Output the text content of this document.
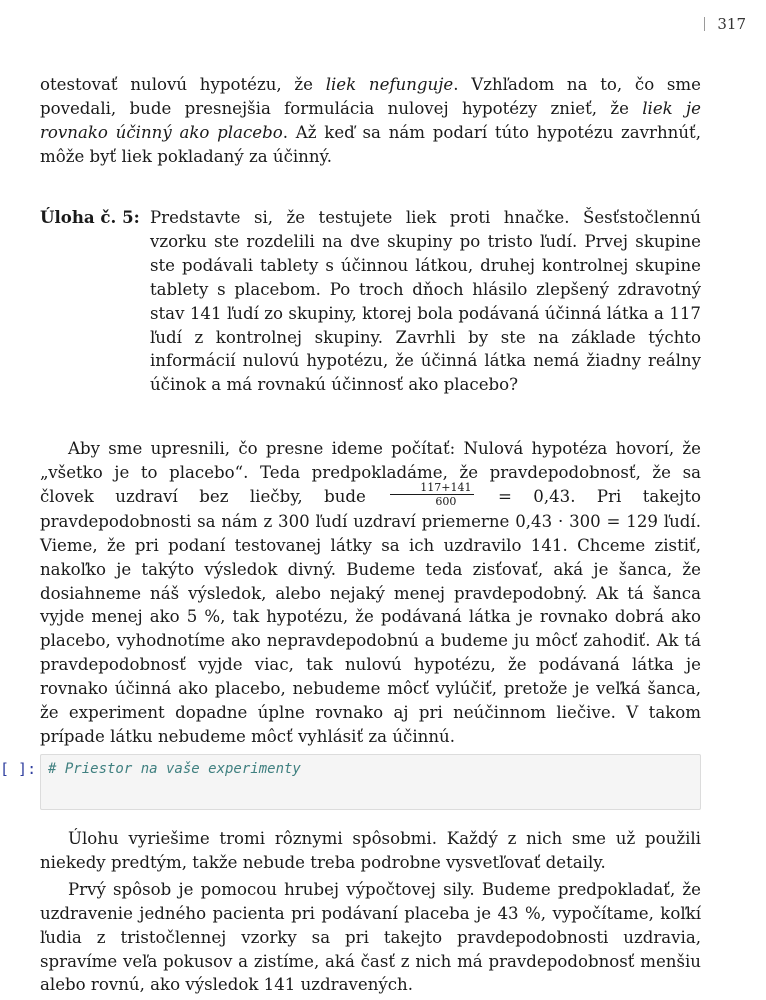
317

otestovať nulovú hypotézu, že liek nefunguje. Vzhľadom na to, čo sme povedali, bude presnejšia formulácia nulovej hypotézy znieť, že liek je rovnako účinný ako placebo. Až keď sa nám podarí túto hypotézu zavrhnúť, môže byť liek pokladaný za účinný.

Úloha č. 5: Predstavte si, že testujete liek proti hnačke. Šesťstočlennú vzorku ste rozdelili na dve skupiny po tristo ľudí. Prvej skupine ste podávali tablety s účinnou látkou, druhej kontrolnej skupine tablety s placebom. Po troch dňoch hlásilo zlepšený zdravotný stav 141 ľudí zo skupiny, ktorej bola podávaná účinná látka a 117 ľudí z kontrolnej skupiny. Zavrhli by ste na základe týchto informácií nulovú hypotézu, že účinná látka nemá žiadny reálny účinok a má rovnakú účinnosť ako placebo?

Aby sme upresnili, čo presne ideme počítať: Nulová hypotéza hovorí, že „všetko je to placebo“. Teda predpokladáme, že pravdepodobnosť, že sa človek uzdraví bez liečby, bude $\frac{117+141}{600} = 0,43$. Pri takejto pravdepodobnosti sa nám z 300 ľudí uzdraví priemerne 0,43 · 300 = 129 ľudí. Vieme, že pri podaní testovanej látky sa ich uzdravilo 141. Chceme zistiť, nakoľko je takýto výsledok divný. Budeme teda zisťovať, aká je šanca, že dosiahneme náš výsledok, alebo nejaký menej pravdepodobný. Ak tá šanca vyjde menej ako 5 %, tak hypotézu, že podávaná látka je rovnako dobrá ako placebo, vyhodnotíme ako nepravdepodobnú a budeme ju môcť zahodiť. Ak tá pravdepodobnosť vyjde viac, tak nulovú hypotézu, že podávaná látka je rovnako účinná ako placebo, nebudeme môcť vylúčiť, pretože je veľká šanca, že experiment dopadne úplne rovnako aj pri neúčinnom liečive. V takom prípade látku nebudeme môcť vyhlásiť za účinnú.

[ ]: # Priestor na vaše experimenty

Úlohu vyriešime tromi rôznymi spôsobmi. Každý z nich sme už použili niekedy predtým, takže nebude treba podrobne vysvetľovať detaily.

Prvý spôsob je pomocou hrubej výpočtovej sily. Budeme predpokladať, že uzdravenie jedného pacienta pri podávaní placeba je 43 %, vypočítame, koľkí ľudia z tristočlennej vzorky sa pri takejto pravdepodobnosti uzdravia, spravíme veľa pokusov a zistíme, aká časť z nich má pravdepodobnosť menšiu alebo rovnú, ako výsledok 141 uzdravených.
